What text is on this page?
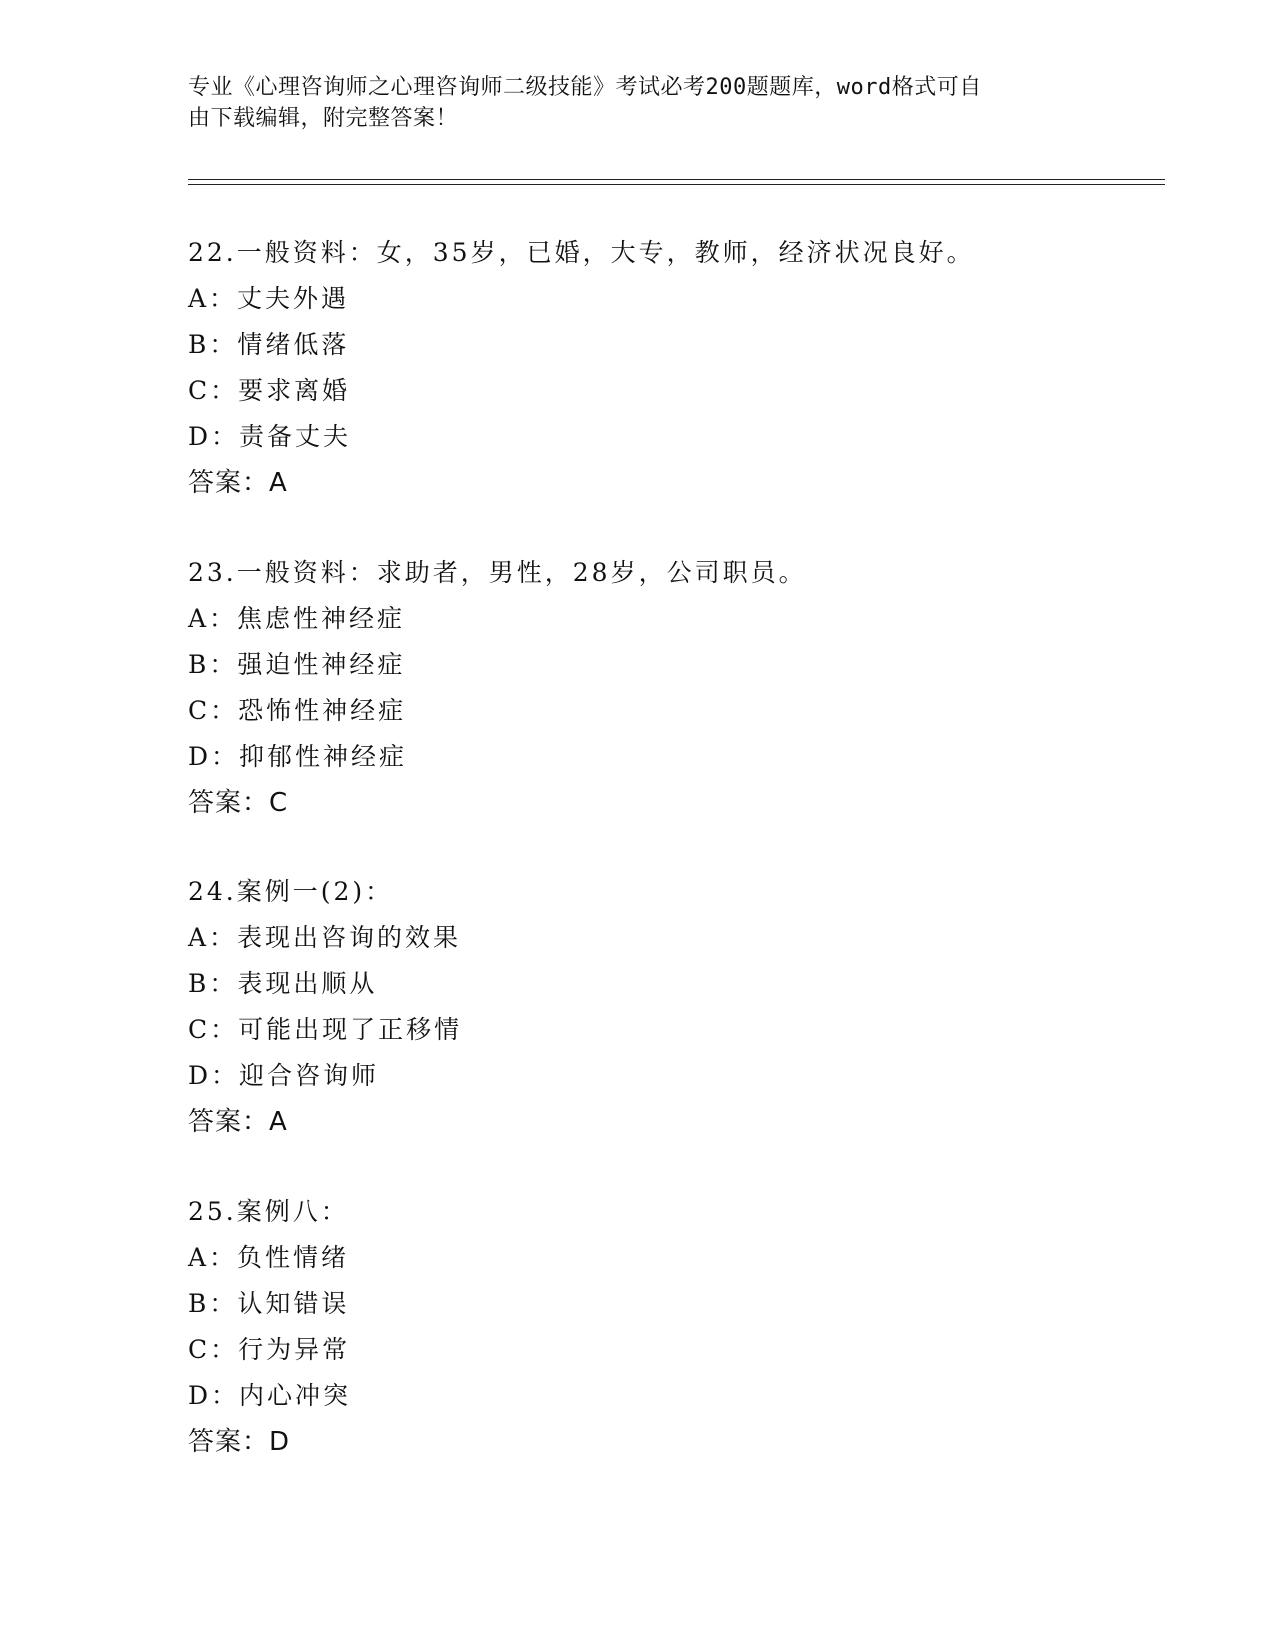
专业《心理咨询师之心理咨询师二级技能》考试必考200题题库，word格式可自
由下载编辑，附完整答案！
22.一般资料：女，35岁，已婚，大专，教师，经济状况良好。
A：丈夫外遇
B：情绪低落
C：要求离婚
D：责备丈夫
答案：A
23.一般资料：求助者，男性，28岁，公司职员。
A：焦虑性神经症
B：强迫性神经症
C：恐怖性神经症
D：抑郁性神经症
答案：C
24.案例一(2)：
A：表现出咨询的效果
B：表现出顺从
C：可能出现了正移情
D：迎合咨询师
答案：A
25.案例八：
A：负性情绪
B：认知错误
C：行为异常
D：内心冲突
答案：D
